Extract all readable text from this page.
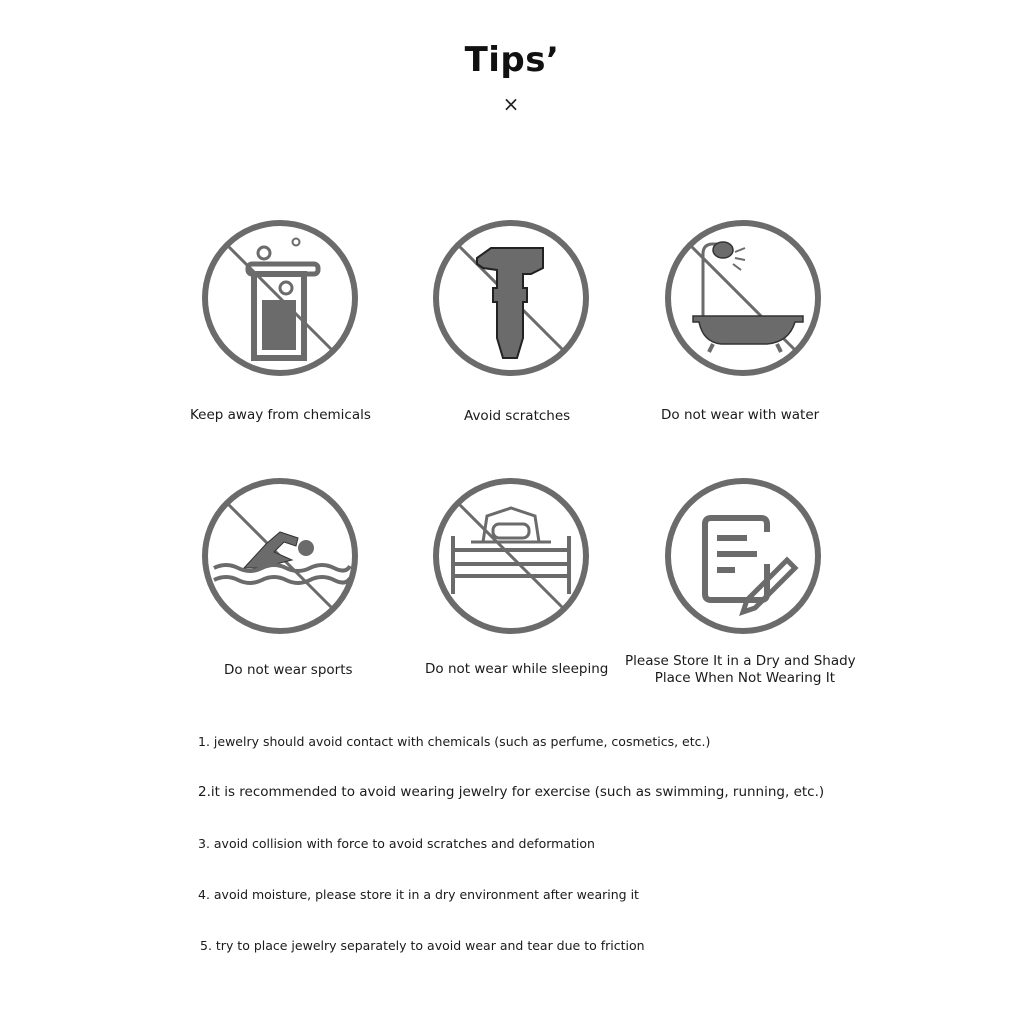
Tips’
×
Keep away from chemicals	Avoid scratches	Do not wear with water
Do not wear sports	Do not wear while sleeping Please Store It in a Dry and Shady
Place When Not Wearing It
1. jewelry should avoid contact with chemicals (such as perfume, cosmetics, etc.)
2.it is recommended to avoid wearing jewelry for exercise (such as swimming, running, etc.)
3. avoid collision with force to avoid scratches and deformation
4. avoid moisture, please store it in a dry environment after wearing it
5. try to place jewelry separately to avoid wear and tear due to friction
